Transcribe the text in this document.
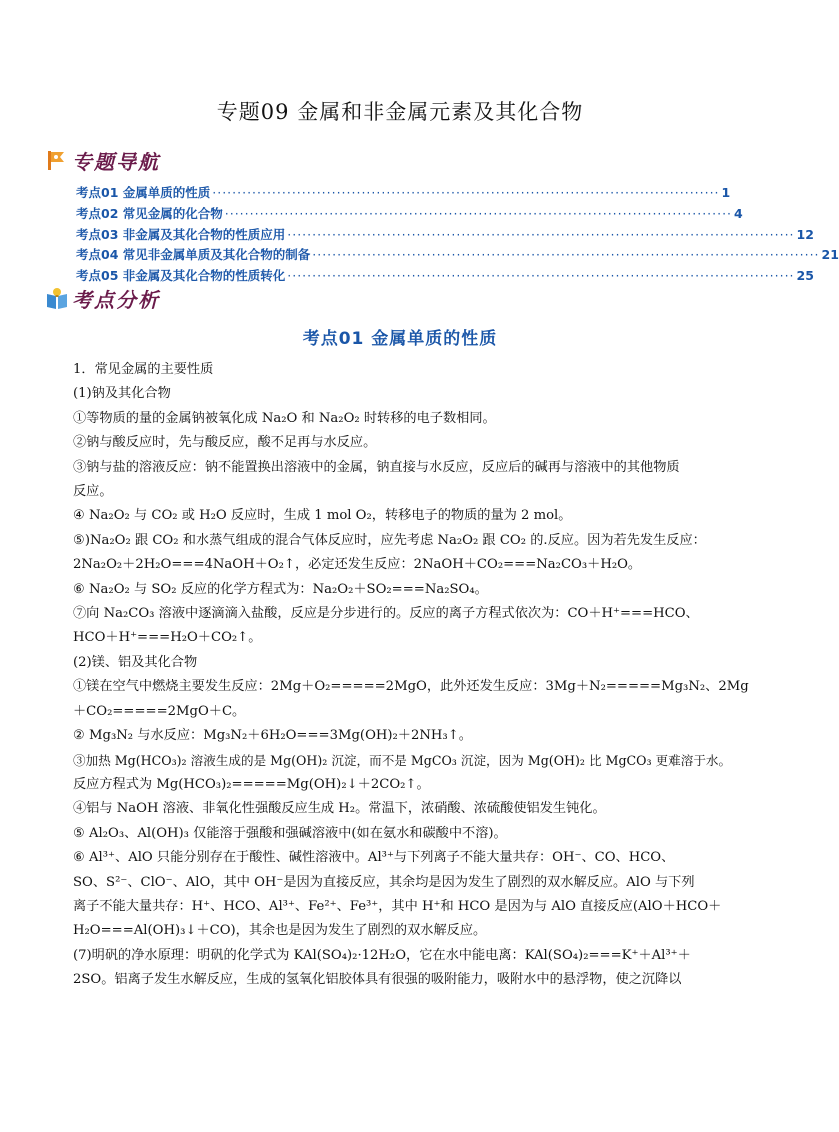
专题09 金属和非金属元素及其化合物
专题导航
考点01 金属单质的性质 ······································································································ 1
考点02 常见金属的化合物 ······································································································ 4
考点03 非金属及其化合物的性质应用 ······································································································ 12
考点04 常见非金属单质及其化合物的制备 ······································································································ 21
考点05 非金属及其化合物的性质转化 ······································································································ 25
考点分析
考点01 金属单质的性质

1．常见金属的主要性质

(1)钠及其化合物

①等物质的量的金属钠被氧化成 Na₂O 和 Na₂O₂ 时转移的电子数相同。

②钠与酸反应时，先与酸反应，酸不足再与水反应。

③钠与盐的溶液反应：钠不能置换出溶液中的金属，钠直接与水反应，反应后的碱再与溶液中的其他物质

反应。

④ Na₂O₂ 与 CO₂ 或 H₂O 反应时，生成 1 mol O₂，转移电子的物质的量为 2 mol。

⑤)Na₂O₂ 跟 CO₂ 和水蒸气组成的混合气体反应时，应先考虑 Na₂O₂ 跟 CO₂ 的.反应。因为若先发生反应：

2Na₂O₂＋2H₂O===4NaOH＋O₂↑，必定还发生反应：2NaOH＋CO₂===Na₂CO₃＋H₂O。

⑥ Na₂O₂ 与 SO₂ 反应的化学方程式为：Na₂O₂＋SO₂===Na₂SO₄。

⑦向 Na₂CO₃ 溶液中逐滴滴入盐酸，反应是分步进行的。反应的离子方程式依次为：CO＋H⁺===HCO、

HCO＋H⁺===H₂O＋CO₂↑。

(2)镁、铝及其化合物

①镁在空气中燃烧主要发生反应：2Mg＋O₂=====2MgO，此外还发生反应：3Mg＋N₂=====Mg₃N₂、2Mg

＋CO₂=====2MgO＋C。

② Mg₃N₂ 与水反应：Mg₃N₂＋6H₂O===3Mg(OH)₂＋2NH₃↑。

③加热 Mg(HCO₃)₂ 溶液生成的是 Mg(OH)₂ 沉淀，而不是 MgCO₃ 沉淀，因为 Mg(OH)₂ 比 MgCO₃ 更难溶于水。

反应方程式为 Mg(HCO₃)₂=====Mg(OH)₂↓＋2CO₂↑。

④铝与 NaOH 溶液、非氧化性强酸反应生成 H₂。常温下，浓硝酸、浓硫酸使铝发生钝化。

⑤ Al₂O₃、Al(OH)₃ 仅能溶于强酸和强碱溶液中(如在氨水和碳酸中不溶)。

⑥ Al³⁺、AlO 只能分别存在于酸性、碱性溶液中。Al³⁺与下列离子不能大量共存：OH⁻、CO、HCO、

SO、S²⁻、ClO⁻、AlO，其中 OH⁻是因为直接反应，其余均是因为发生了剧烈的双水解反应。AlO 与下列

离子不能大量共存：H⁺、HCO、Al³⁺、Fe²⁺、Fe³⁺，其中 H⁺和 HCO 是因为与 AlO 直接反应(AlO＋HCO＋

H₂O===Al(OH)₃↓＋CO)，其余也是因为发生了剧烈的双水解反应。

(7)明矾的净水原理：明矾的化学式为 KAl(SO₄)₂·12H₂O，它在水中能电离：KAl(SO₄)₂===K⁺＋Al³⁺＋

2SO。铝离子发生水解反应，生成的氢氧化铝胶体具有很强的吸附能力，吸附水中的悬浮物，使之沉降以
